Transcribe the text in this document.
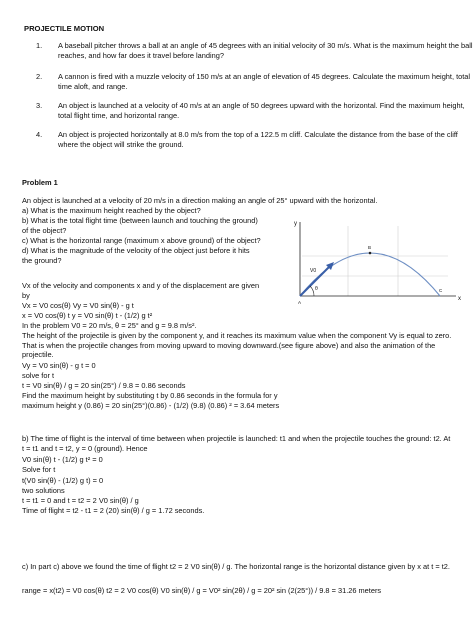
PROJECTILE MOTION
1. A baseball pitcher throws a ball at an angle of 45 degrees with an initial velocity of 30 m/s. What is the maximum height the ball reaches, and how far does it travel before landing?
2. A cannon is fired with a muzzle velocity of 150 m/s at an angle of elevation of 45 degrees. Calculate the maximum height, total time aloft, and range.
3. An object is launched at a velocity of 40 m/s at an angle of 50 degrees upward with the horizontal. Find the maximum height, total flight time, and horizontal range.
4. An object is projected horizontally at 8.0 m/s from the top of a 122.5 m cliff. Calculate the distance from the base of the cliff where the object will strike the ground.
Problem 1
An object is launched at a velocity of 20 m/s in a direction making an angle of 25° upward with the horizontal.
a) What is the maximum height reached by the object?
b) What is the total flight time (between launch and touching the ground)
of the object?
c) What is the horizontal range (maximum x above ground) of the object?
d) What is the magnitude of the velocity of the object just before it hits
the ground?
Vx of the velocity and components x and y of the displacement are given
by
Vx = V0 cos(θ) Vy = V0 sin(θ) - g t
x = V0 cos(θ) t y = V0 sin(θ) t - (1/2) g t²
In the problem V0 = 20 m/s, θ = 25° and g = 9.8 m/s².
The height of the projectile is given by the component y, and it reaches its maximum value when the component Vy is equal to zero. That is when the projectile changes from moving upward to moving downward.(see figure above) and also the animation of the projectile.
Vy = V0 sin(θ) - g t = 0
solve for t
t = V0 sin(θ) / g = 20 sin(25°) / 9.8 = 0.86 seconds
Find the maximum height by substituting t by 0.86 seconds in the formula for y
maximum height y (0.86) = 20 sin(25°)(0.86) - (1/2) (9.8) (0.86) ² = 3.64 meters
b) The time of flight is the interval of time between when projectile is launched: t1 and when the projectile touches the ground: t2. At t = t1 and t = t2, y = 0 (ground). Hence
V0 sin(θ) t - (1/2) g t² = 0
Solve for t
t(V0 sin(θ) - (1/2) g t) = 0
two solutions
t = t1 = 0 and t = t2 = 2 V0 sin(θ) / g
Time of flight = t2 - t1 = 2 (20) sin(θ) / g = 1.72 seconds.
c) In part c) above we found the time of flight t2 = 2 V0 sin(θ) / g. The horizontal range is the horizontal distance given by x at t = t2.
range = x(t2) = V0 cos(θ) t2 = 2 V0 cos(θ) V0 sin(θ) / g = V0² sin(2θ) / g = 20² sin (2(25°)) / 9.8 = 31.26 meters
y
x
V0
θ
A
B
C
